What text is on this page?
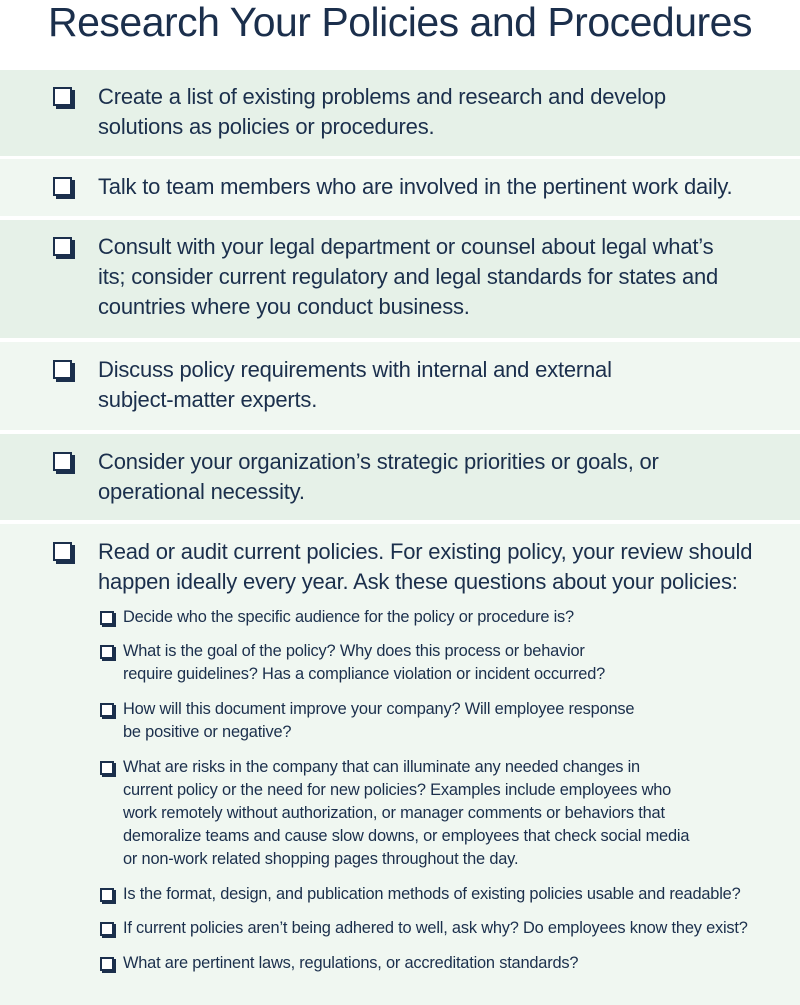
Research Your Policies and Procedures
Create a list of existing problems and research and develop
solutions as policies or procedures.
Talk to team members who are involved in the pertinent work daily.
Consult with your legal department or counsel about legal what’s
its; consider current regulatory and legal standards for states and
countries where you conduct business.
Discuss policy requirements with internal and external
subject-matter experts.
Consider your organization’s strategic priorities or goals, or
operational necessity.
Read or audit current policies. For existing policy, your review should
happen ideally every year. Ask these questions about your policies:
Decide who the specific audience for the policy or procedure is?
What is the goal of the policy? Why does this process or behavior
require guidelines? Has a compliance violation or incident occurred?
How will this document improve your company? Will employee response
be positive or negative?
What are risks in the company that can illuminate any needed changes in
current policy or the need for new policies? Examples include employees who
work remotely without authorization, or manager comments or behaviors that
demoralize teams and cause slow downs, or employees that check social media
or non-work related shopping pages throughout the day.
Is the format, design, and publication methods of existing policies usable and readable?
If current policies aren’t being adhered to well, ask why? Do employees know they exist?
What are pertinent laws, regulations, or accreditation standards?
